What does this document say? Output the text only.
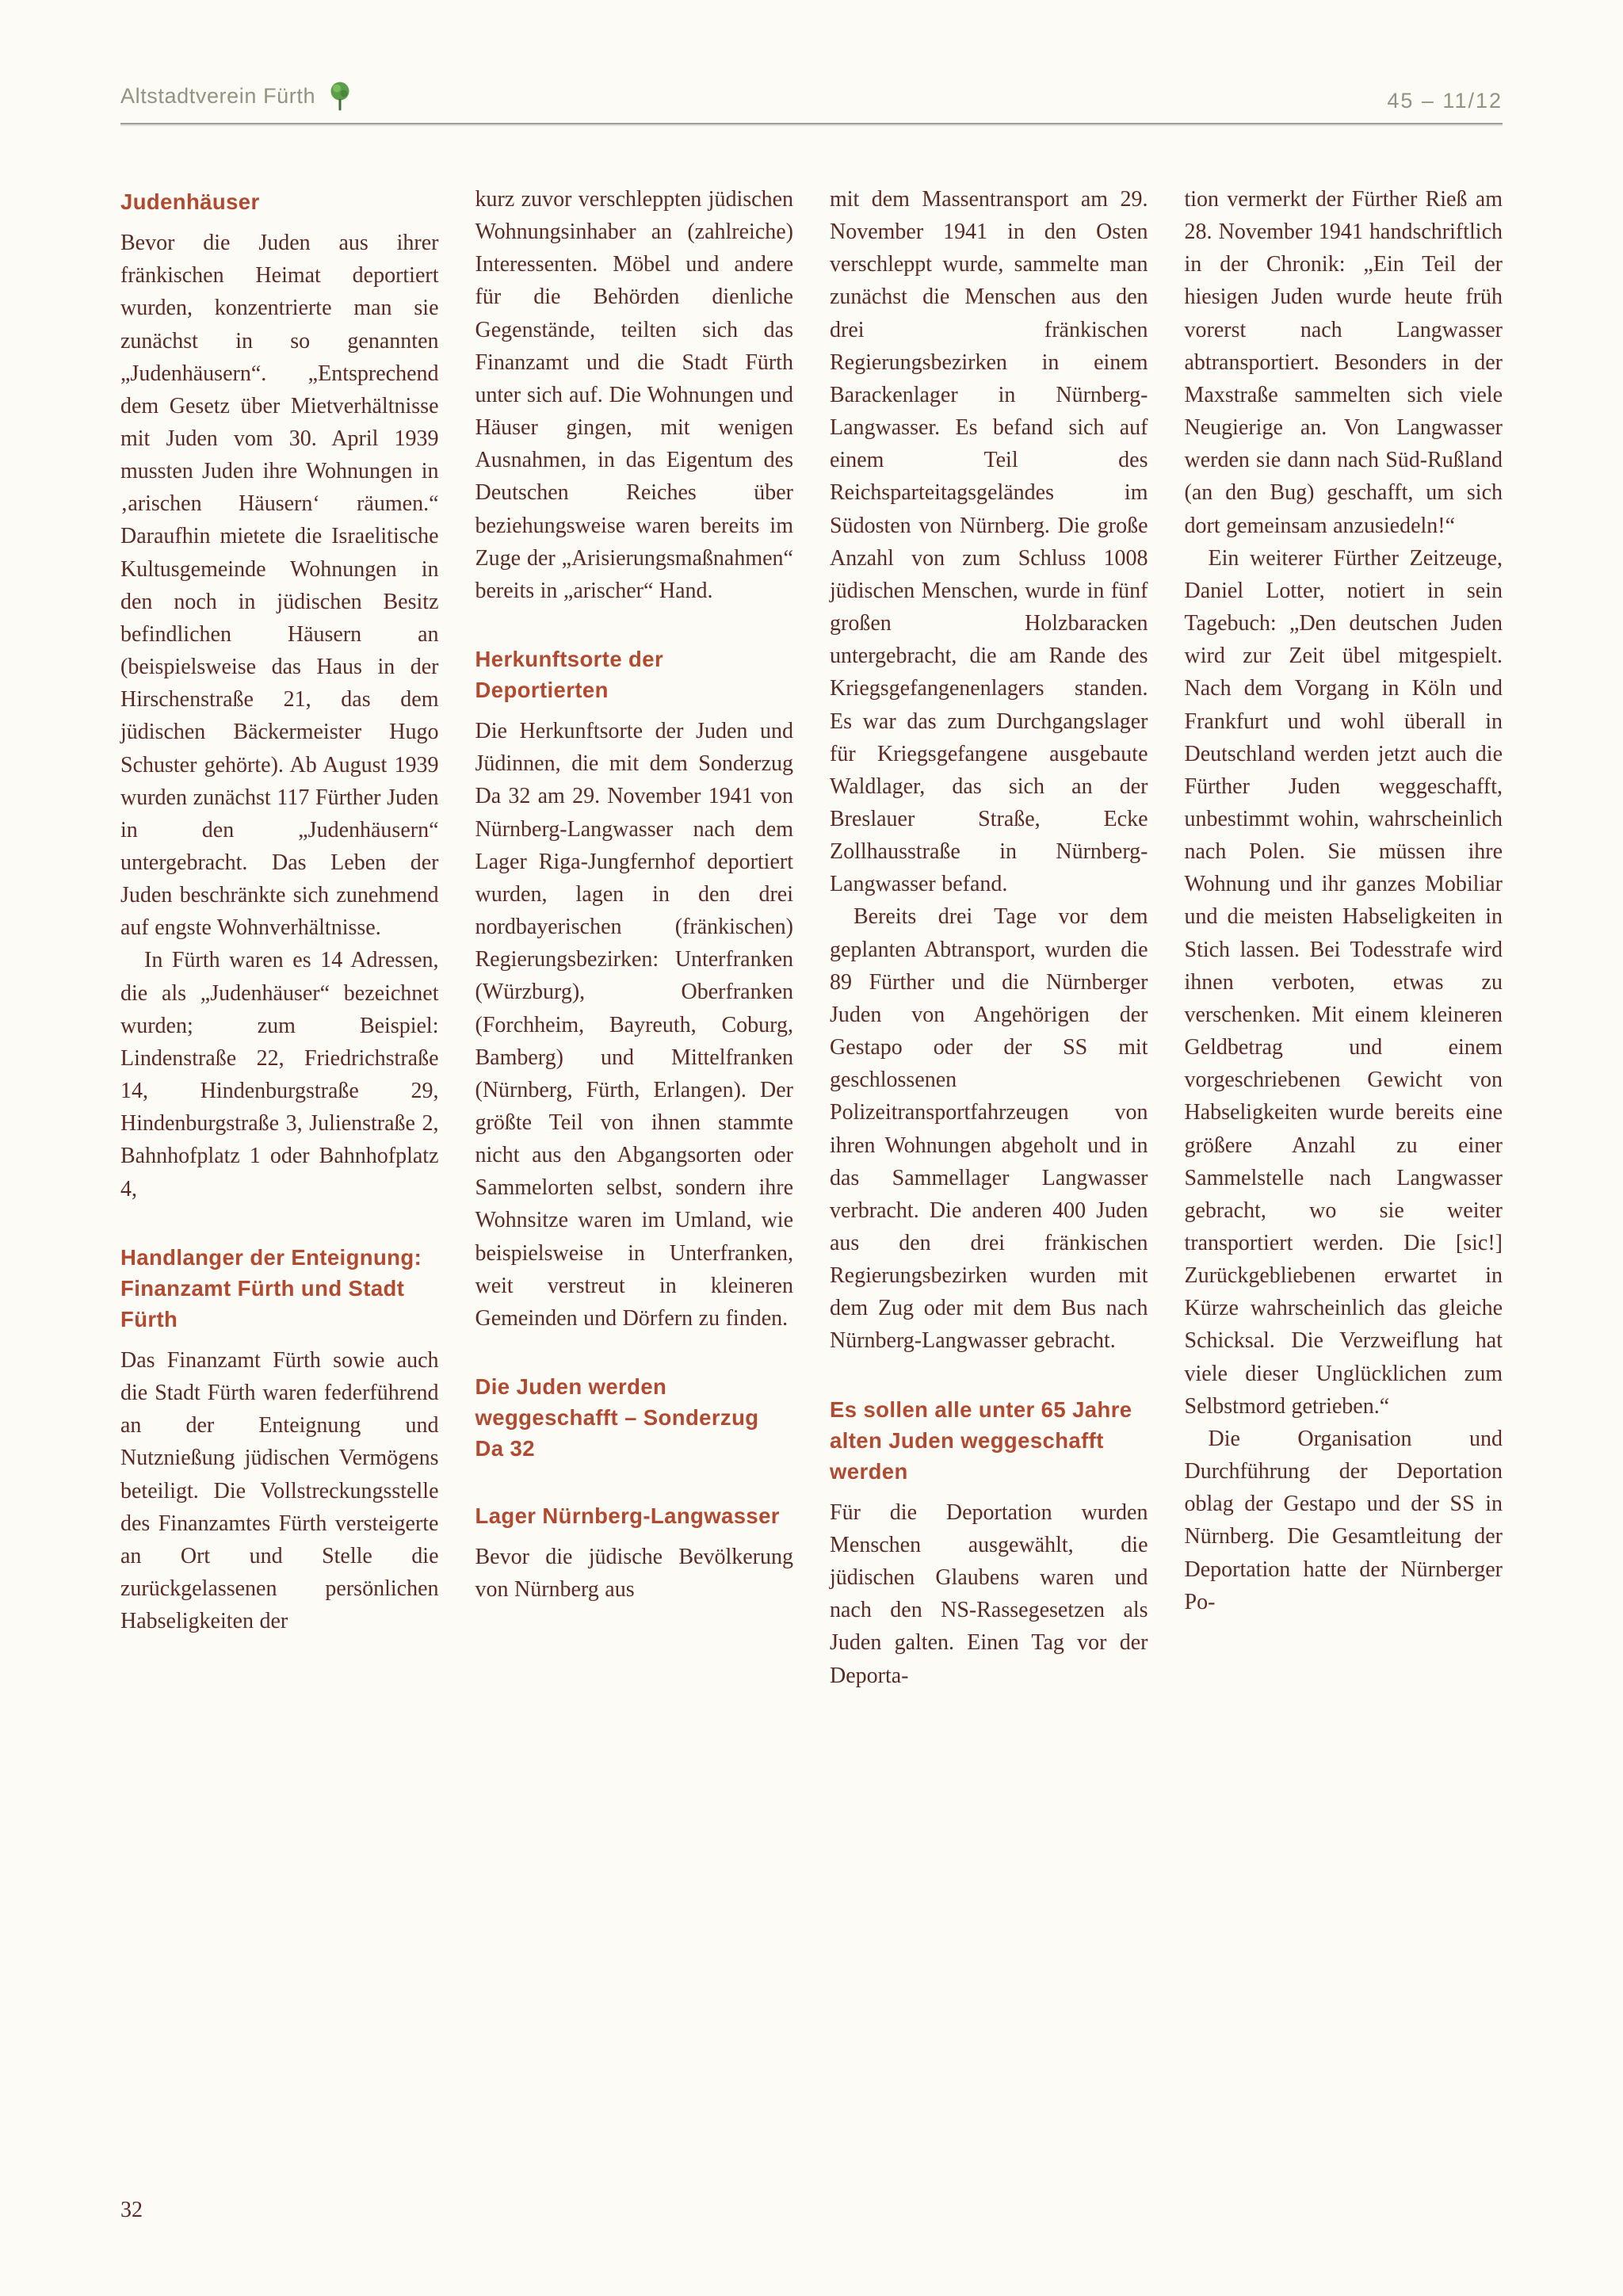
Altstadtverein Fürth	45 – 11/12
Judenhäuser

Bevor die Juden aus ihrer fränkischen Heimat deportiert wurden, konzentrierte man sie zunächst in so genannten „Judenhäusern“. „Entsprechend dem Gesetz über Mietverhältnisse mit Juden vom 30. April 1939 mussten Juden ihre Wohnungen in ‚arischen Häusern‘ räumen.“ Daraufhin mietete die Israelitische Kultusgemeinde Wohnungen in den noch in jüdischen Besitz befindlichen Häusern an (beispielsweise das Haus in der Hirschenstraße 21, das dem jüdischen Bäckermeister Hugo Schuster gehörte). Ab August 1939 wurden zunächst 117 Fürther Juden in den „Judenhäusern“ untergebracht. Das Leben der Juden beschränkte sich zunehmend auf engste Wohnverhältnisse.

In Fürth waren es 14 Adressen, die als „Judenhäuser“ bezeichnet wurden; zum Beispiel: Lindenstraße 22, Friedrichstraße 14, Hindenburgstraße 29, Hindenburgstraße 3, Julienstraße 2, Bahnhofplatz 1 oder Bahnhofplatz 4,

Handlanger der Enteignung: Finanzamt Fürth und Stadt Fürth

Das Finanzamt Fürth sowie auch die Stadt Fürth waren federführend an der Enteignung und Nutznießung jüdischen Vermögens beteiligt. Die Vollstreckungsstelle des Finanzamtes Fürth versteigerte an Ort und Stelle die zurückgelassenen persönlichen Habseligkeiten der

kurz zuvor verschleppten jüdischen Wohnungsinhaber an (zahlreiche) Interessenten. Möbel und andere für die Behörden dienliche Gegenstände, teilten sich das Finanzamt und die Stadt Fürth unter sich auf. Die Wohnungen und Häuser gingen, mit wenigen Ausnahmen, in das Eigentum des Deutschen Reiches über beziehungsweise waren bereits im Zuge der „Arisierungsmaßnahmen“ bereits in „arischer“ Hand.

Herkunftsorte der Deportierten

Die Herkunftsorte der Juden und Jüdinnen, die mit dem Sonderzug Da 32 am 29. November 1941 von Nürnberg-Langwasser nach dem Lager Riga-Jungfernhof deportiert wurden, lagen in den drei nordbayerischen (fränkischen) Regierungsbezirken: Unterfranken (Würzburg), Oberfranken (Forchheim, Bayreuth, Coburg, Bamberg) und Mittelfranken (Nürnberg, Fürth, Erlangen). Der größte Teil von ihnen stammte nicht aus den Abgangsorten oder Sammelorten selbst, sondern ihre Wohnsitze waren im Umland, wie beispielsweise in Unterfranken, weit verstreut in kleineren Gemeinden und Dörfern zu finden.

Die Juden werden weggeschafft – Sonderzug Da 32
Lager Nürnberg-Langwasser

Bevor die jüdische Bevölkerung von Nürnberg aus

mit dem Massentransport am 29. November 1941 in den Osten verschleppt wurde, sammelte man zunächst die Menschen aus den drei fränkischen Regierungsbezirken in einem Barackenlager in Nürnberg-Langwasser. Es befand sich auf einem Teil des Reichsparteitagsgeländes im Südosten von Nürnberg. Die große Anzahl von zum Schluss 1008 jüdischen Menschen, wurde in fünf großen Holzbaracken untergebracht, die am Rande des Kriegsgefangenenlagers standen. Es war das zum Durchgangslager für Kriegsgefangene ausgebaute Waldlager, das sich an der Breslauer Straße, Ecke Zollhausstraße in Nürnberg-Langwasser befand.

Bereits drei Tage vor dem geplanten Abtransport, wurden die 89 Fürther und die Nürnberger Juden von Angehörigen der Gestapo oder der SS mit geschlossenen Polizeitransportfahrzeugen von ihren Wohnungen abgeholt und in das Sammellager Langwasser verbracht. Die anderen 400 Juden aus den drei fränkischen Regierungsbezirken wurden mit dem Zug oder mit dem Bus nach Nürnberg-Langwasser gebracht.

Es sollen alle unter 65 Jahre alten Juden weggeschafft werden

Für die Deportation wurden Menschen ausgewählt, die jüdischen Glaubens waren und nach den NS-Rassegesetzen als Juden galten. Einen Tag vor der Deporta-

tion vermerkt der Fürther Rieß am 28. November 1941 handschriftlich in der Chronik: „Ein Teil der hiesigen Juden wurde heute früh vorerst nach Langwasser abtransportiert. Besonders in der Maxstraße sammelten sich viele Neugierige an. Von Langwasser werden sie dann nach Süd-Rußland (an den Bug) geschafft, um sich dort gemeinsam anzusiedeln!“

Ein weiterer Fürther Zeitzeuge, Daniel Lotter, notiert in sein Tagebuch: „Den deutschen Juden wird zur Zeit übel mitgespielt. Nach dem Vorgang in Köln und Frankfurt und wohl überall in Deutschland werden jetzt auch die Fürther Juden weggeschafft, unbestimmt wohin, wahrscheinlich nach Polen. Sie müssen ihre Wohnung und ihr ganzes Mobiliar und die meisten Habseligkeiten in Stich lassen. Bei Todesstrafe wird ihnen verboten, etwas zu verschenken. Mit einem kleineren Geldbetrag und einem vorgeschriebenen Gewicht von Habseligkeiten wurde bereits eine größere Anzahl zu einer Sammelstelle nach Langwasser gebracht, wo sie weiter transportiert werden. Die [sic!] Zurückgebliebenen erwartet in Kürze wahrscheinlich das gleiche Schicksal. Die Verzweiflung hat viele dieser Unglücklichen zum Selbstmord getrieben.“

Die Organisation und Durchführung der Deportation oblag der Gestapo und der SS in Nürnberg. Die Gesamtleitung der Deportation hatte der Nürnberger Po-

32
